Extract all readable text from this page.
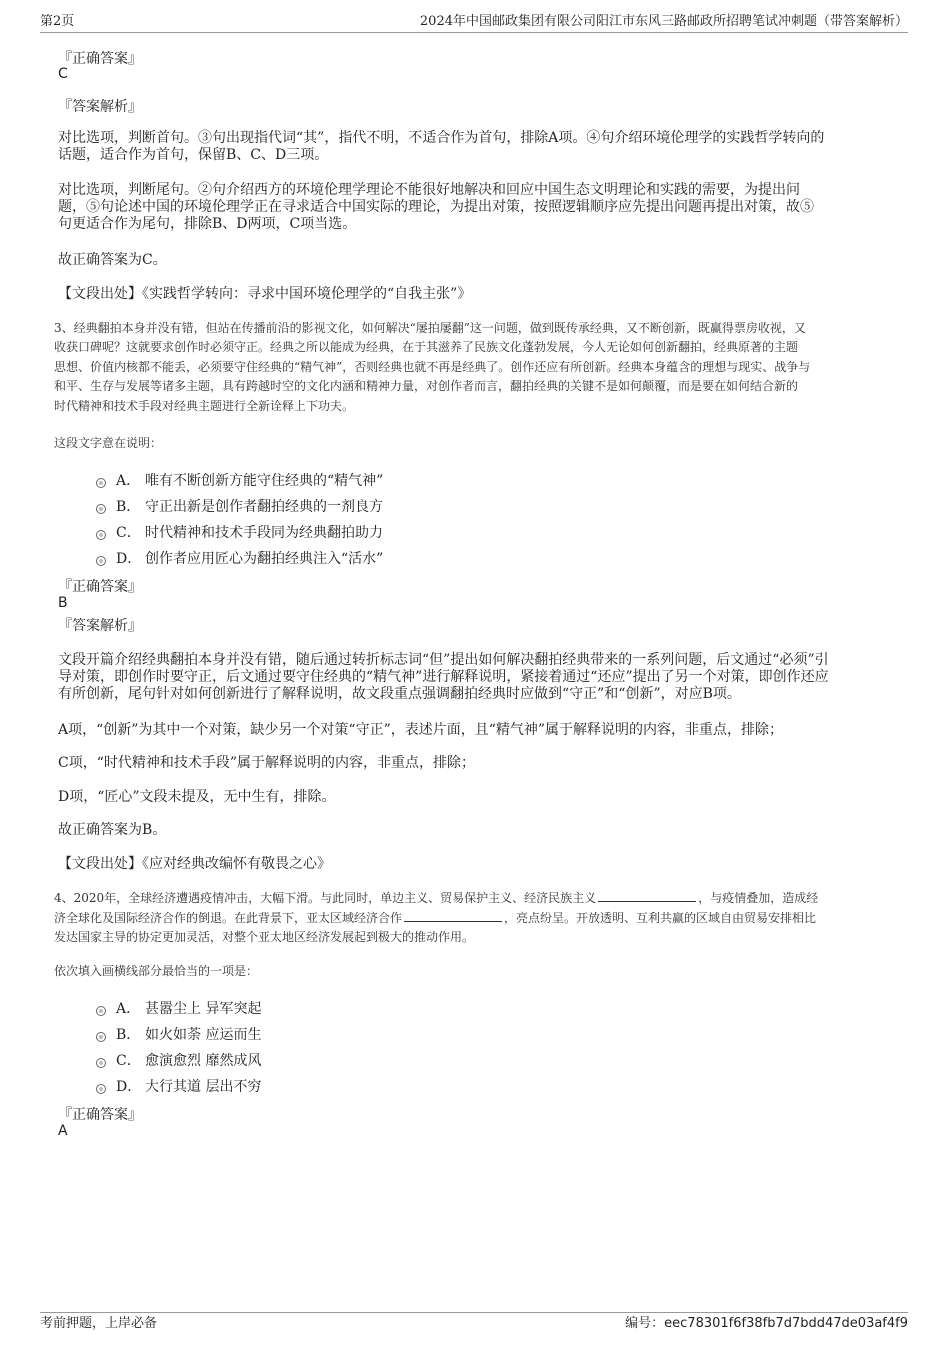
第2页	2024年中国邮政集团有限公司阳江市东风三路邮政所招聘笔试冲刺题（带答案解析）
『正确答案』
C
『答案解析』
对比选项，判断首句。③句出现指代词“其”，指代不明，不适合作为首句，排除A项。④句介绍环境伦理学的实践哲学转向的
话题，适合作为首句，保留B、C、D三项。
对比选项，判断尾句。②句介绍西方的环境伦理学理论不能很好地解决和回应中国生态文明理论和实践的需要，为提出问
题，⑤句论述中国的环境伦理学正在寻求适合中国实际的理论，为提出对策，按照逻辑顺序应先提出问题再提出对策，故⑤
句更适合作为尾句，排除B、D两项，C项当选。
故正确答案为C。
【文段出处】《实践哲学转向：寻求中国环境伦理学的“自我主张”》
3、经典翻拍本身并没有错，但站在传播前沿的影视文化，如何解决“屡拍屡翻”这一问题，做到既传承经典，又不断创新，既赢得票房收视，又
收获口碑呢？这就要求创作时必须守正。经典之所以能成为经典，在于其滋养了民族文化蓬勃发展，今人无论如何创新翻拍，经典原著的主题
思想、价值内核都不能丢，必须要守住经典的“精气神”，否则经典也就不再是经典了。创作还应有所创新。经典本身蕴含的理想与现实、战争与
和平、生存与发展等诸多主题，具有跨越时空的文化内涵和精神力量，对创作者而言，翻拍经典的关键不是如何颠覆，而是要在如何结合新的
时代精神和技术手段对经典主题进行全新诠释上下功夫。
这段文字意在说明：
A． 唯有不断创新方能守住经典的“精气神”
B． 守正出新是创作者翻拍经典的一剂良方
C． 时代精神和技术手段同为经典翻拍助力
D． 创作者应用匠心为翻拍经典注入“活水”
『正确答案』
B
『答案解析』
文段开篇介绍经典翻拍本身并没有错，随后通过转折标志词“但”提出如何解决翻拍经典带来的一系列问题，后文通过“必须”引
导对策，即创作时要守正，后文通过要守住经典的“精气神”进行解释说明，紧接着通过“还应”提出了另一个对策，即创作还应
有所创新，尾句针对如何创新进行了解释说明，故文段重点强调翻拍经典时应做到“守正”和“创新”，对应B项。
A项，“创新”为其中一个对策，缺少另一个对策“守正”，表述片面，且“精气神”属于解释说明的内容，非重点，排除；
C项，“时代精神和技术手段”属于解释说明的内容，非重点，排除；
D项，“匠心”文段未提及，无中生有，排除。
故正确答案为B。
【文段出处】《应对经典改编怀有敬畏之心》
4、2020年，全球经济遭遇疫情冲击，大幅下滑。与此同时，单边主义、贸易保护主义、经济民族主义	，与疫情叠加，造成经
济全球化及国际经济合作的倒退。在此背景下，亚太区域经济合作	，亮点纷呈。开放透明、互利共赢的区域自由贸易安排相比
发达国家主导的协定更加灵活，对整个亚太地区经济发展起到极大的推动作用。
依次填入画横线部分最恰当的一项是：
A． 甚嚣尘上 异军突起
B． 如火如荼 应运而生
C． 愈演愈烈 靡然成风
D． 大行其道 层出不穷
『正确答案』
A
考前押题，上岸必备	编号：eec78301f6f38fb7d7bdd47de03af4f9
